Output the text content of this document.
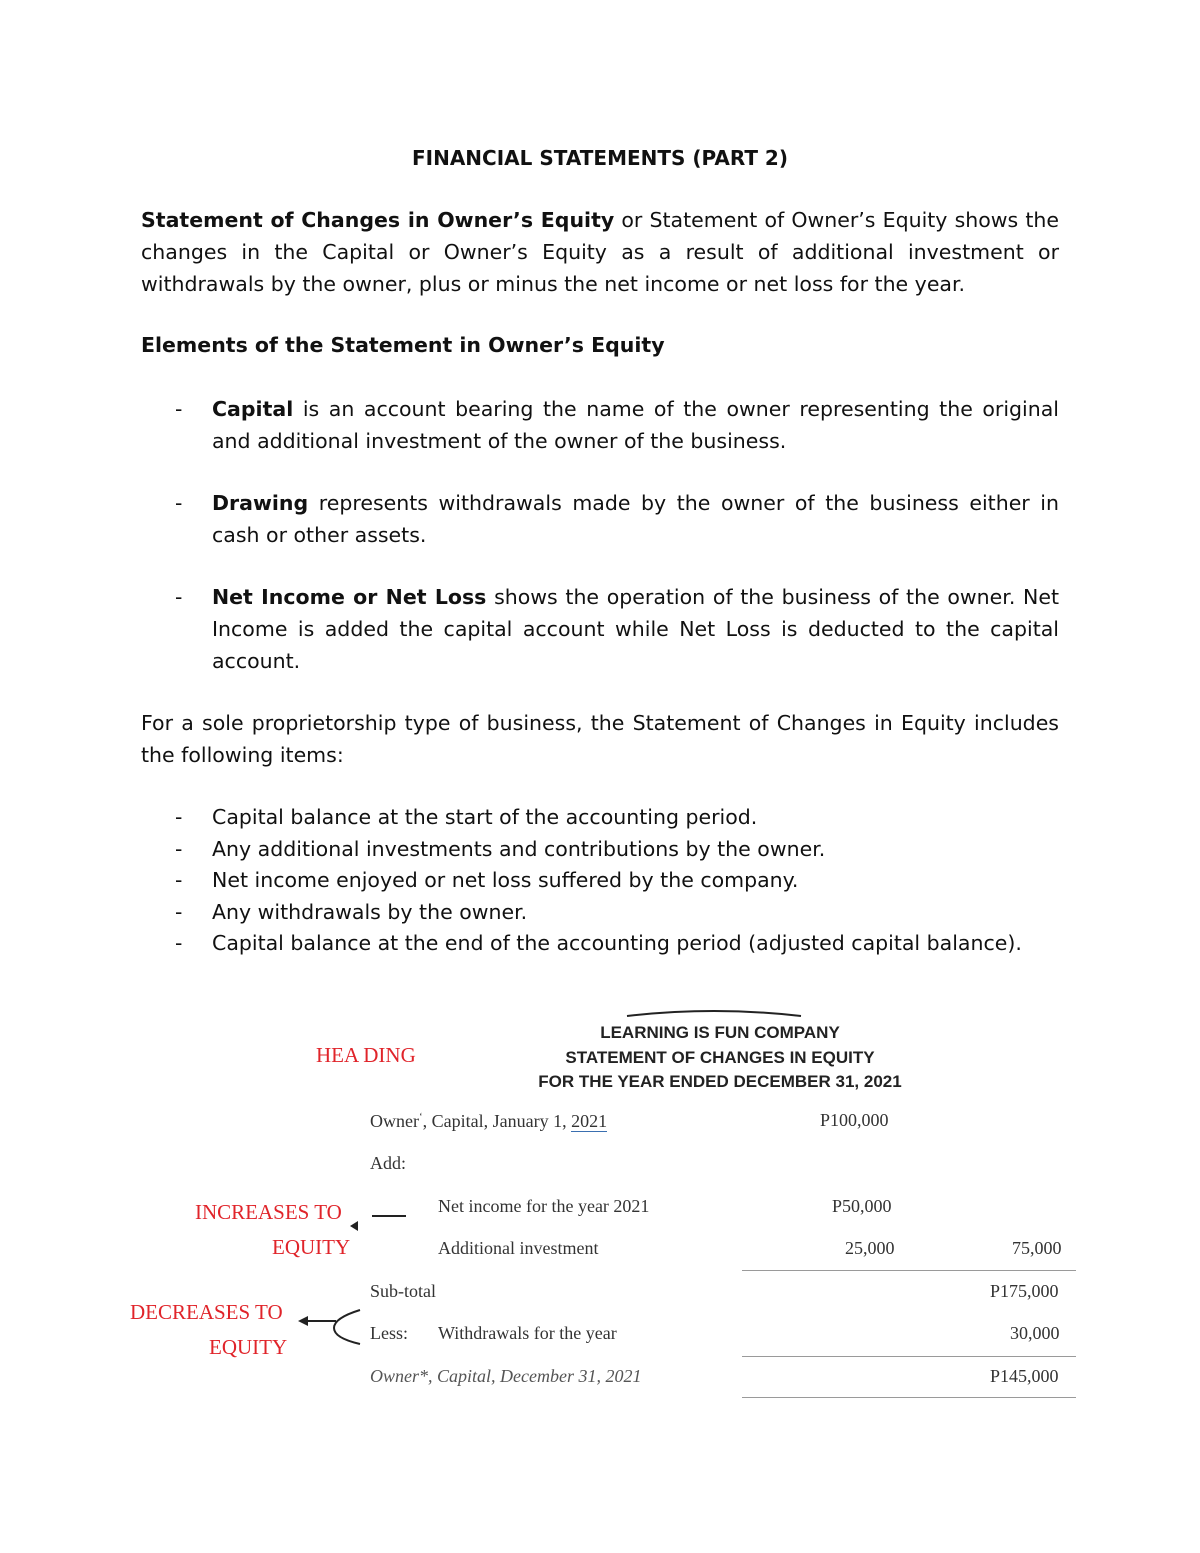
FINANCIAL STATEMENTS (PART 2)
Statement of Changes in Owner’s Equity or Statement of Owner’s Equity shows the changes in the Capital or Owner’s Equity as a result of additional investment or withdrawals by the owner, plus or minus the net income or net loss for the year.
Elements of the Statement in Owner’s Equity
- Capital is an account bearing the name of the owner representing the original and additional investment of the owner of the business.
- Drawing represents withdrawals made by the owner of the business either in cash or other assets.
- Net Income or Net Loss shows the operation of the business of the owner. Net Income is added the capital account while Net Loss is deducted to the capital account.
For a sole proprietorship type of business, the Statement of Changes in Equity includes the following items:
- Capital balance at the start of the accounting period.
- Any additional investments and contributions by the owner.
- Net income enjoyed or net loss suffered by the company.
- Any withdrawals by the owner.
- Capital balance at the end of the accounting period (adjusted capital balance).
LEARNING IS FUN COMPANY
STATEMENT OF CHANGES IN EQUITY
FOR THE YEAR ENDED DECEMBER 31, 2021
HEA DING
Owner‘, Capital, January 1, 2021	P100,000
Add:
INCREASES TO
EQUITY
Net income for the year 2021	P50,000
Additional investment	25,000	75,000
Sub-total	P175,000
DECREASES TO
EQUITY
Less: Withdrawals for the year	30,000
Owner*, Capital, December 31, 2021	P145,000
